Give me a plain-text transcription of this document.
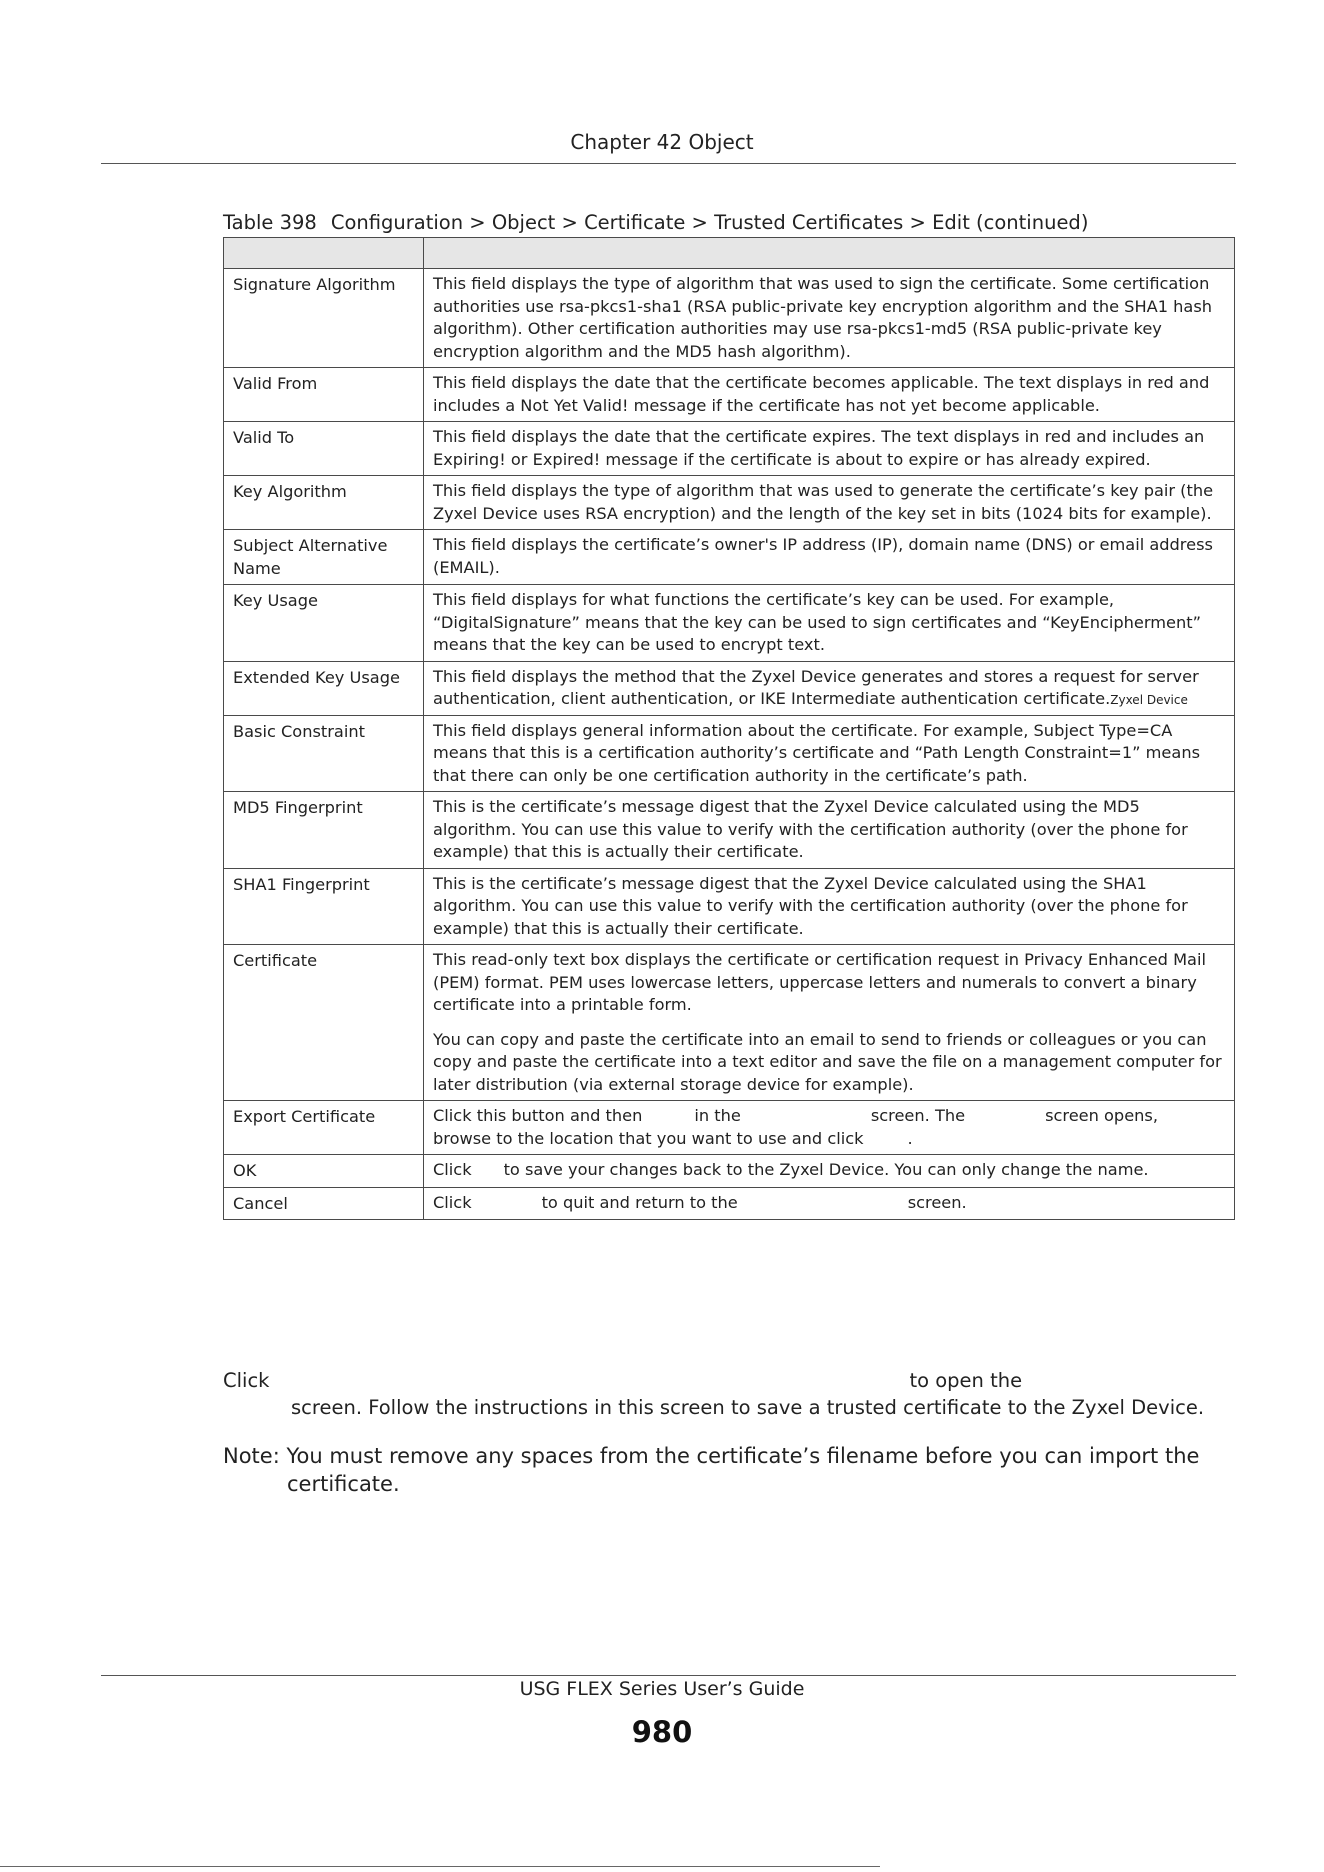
Chapter 42 Object
Table 398 Configuration > Object > Certificate > Trusted Certificates > Edit (continued)

Signature Algorithm	This field displays the type of algorithm that was used to sign the certificate. Some certification authorities use rsa-pkcs1-sha1 (RSA public-private key encryption algorithm and the SHA1 hash algorithm). Other certification authorities may use rsa-pkcs1-md5 (RSA public-private key encryption algorithm and the MD5 hash algorithm).
Valid From	This field displays the date that the certificate becomes applicable. The text displays in red and includes a Not Yet Valid! message if the certificate has not yet become applicable.
Valid To	This field displays the date that the certificate expires. The text displays in red and includes an Expiring! or Expired! message if the certificate is about to expire or has already expired.
Key Algorithm	This field displays the type of algorithm that was used to generate the certificate’s key pair (the Zyxel Device uses RSA encryption) and the length of the key set in bits (1024 bits for example).
Subject Alternative Name	This field displays the certificate’s owner's IP address (IP), domain name (DNS) or email address (EMAIL).
Key Usage	This field displays for what functions the certificate’s key can be used. For example, “DigitalSignature” means that the key can be used to sign certificates and “KeyEncipherment” means that the key can be used to encrypt text.
Extended Key Usage	This field displays the method that the Zyxel Device generates and stores a request for server authentication, client authentication, or IKE Intermediate authentication certificate.Zyxel Device
Basic Constraint	This field displays general information about the certificate. For example, Subject Type=CA means that this is a certification authority’s certificate and “Path Length Constraint=1” means that there can only be one certification authority in the certificate’s path.
MD5 Fingerprint	This is the certificate’s message digest that the Zyxel Device calculated using the MD5 algorithm. You can use this value to verify with the certification authority (over the phone for example) that this is actually their certificate.
SHA1 Fingerprint	This is the certificate’s message digest that the Zyxel Device calculated using the SHA1 algorithm. You can use this value to verify with the certification authority (over the phone for example) that this is actually their certificate.
Certificate	This read-only text box displays the certificate or certification request in Privacy Enhanced Mail (PEM) format. PEM uses lowercase letters, uppercase letters and numerals to convert a binary certificate into a printable form.
You can copy and paste the certificate into an email to send to friends or colleagues or you can copy and paste the certificate into a text editor and save the file on a management computer for later distribution (via external storage device for example).

Export Certificate	Click this button and then in the screen. The screen opens,
browse to the location that you want to use and click .
OK	Click to save your changes back to the Zyxel Device. You can only change the name.
Cancel	Click to quit and return to the screen.
Click	to open the
screen. Follow the instructions in this screen to save a trusted certificate to the Zyxel Device.
Note: You must remove any spaces from the certificate’s filename before you can import the
certificate.
USG FLEX Series User’s Guide
980
